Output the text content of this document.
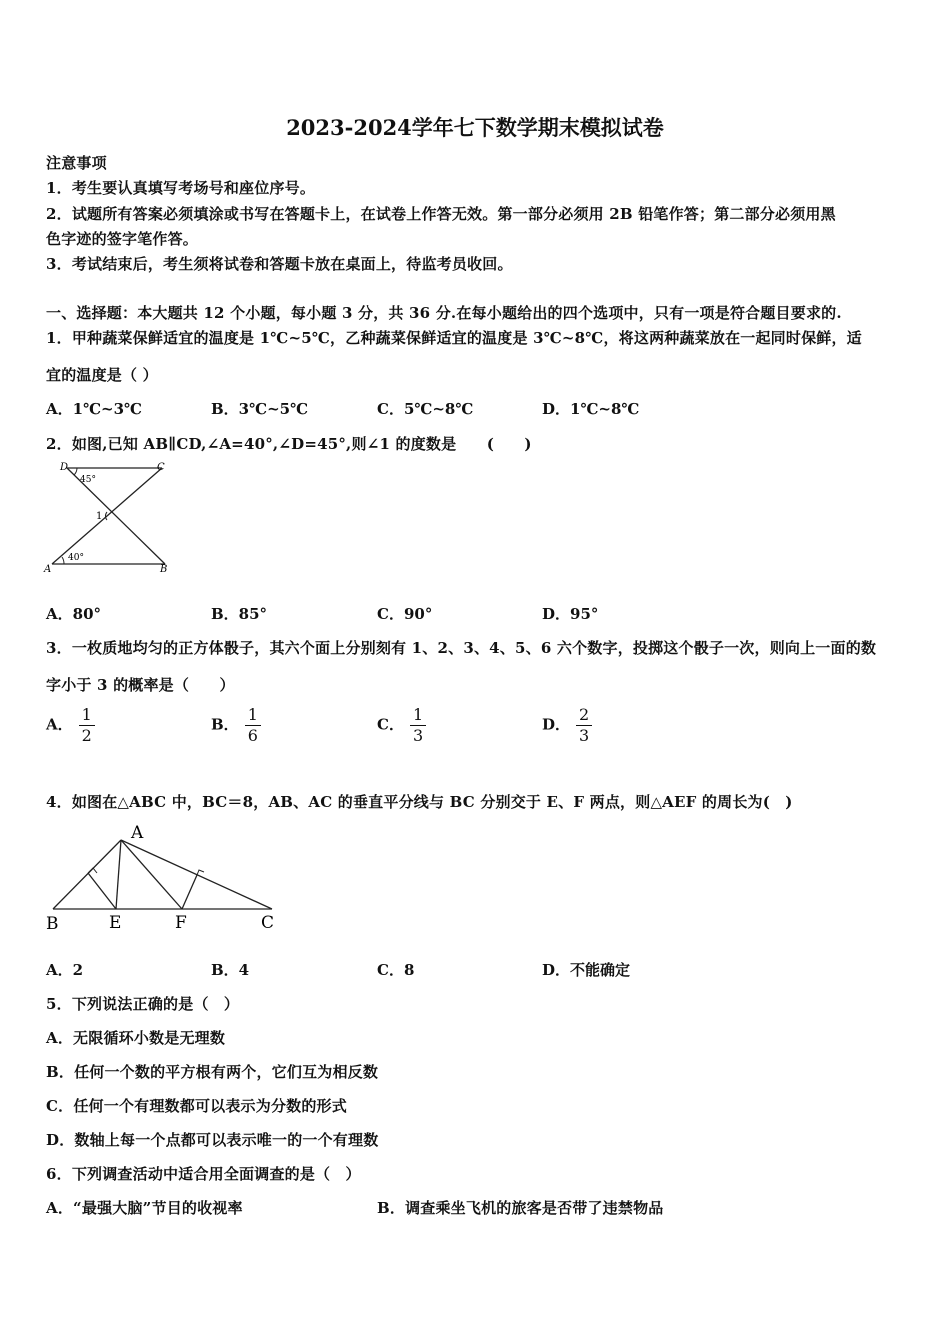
2023-2024学年七下数学期末模拟试卷
注意事项
1．考生要认真填写考场号和座位序号。
2．试题所有答案必须填涂或书写在答题卡上，在试卷上作答无效。第一部分必须用 2B 铅笔作答；第二部分必须用黑
色字迹的签字笔作答。
3．考试结束后，考生须将试卷和答题卡放在桌面上，待监考员收回。
一、选择题：本大题共 12 个小题，每小题 3 分，共 36 分.在每小题给出的四个选项中，只有一项是符合题目要求的.
1．甲种蔬菜保鲜适宜的温度是 1℃~5℃，乙种蔬菜保鲜适宜的温度是 3℃~8℃，将这两种蔬菜放在一起同时保鲜，适
宜的温度是（ ）
A．1℃~3℃	B．3℃~5℃	C．5℃~8℃	D．1℃~8℃
2．如图,已知 AB∥CD,∠A=40°,∠D=45°,则∠1 的度数是　　(　　)
D	C
A	B
45°
40°
1
A．80°	B．85°	C．90°	D．95°
3．一枚质地均匀的正方体骰子，其六个面上分别刻有 1、2、3、4、5、6 六个数字，投掷这个骰子一次，则向上一面的数
字小于 3 的概率是（　　）
A． $\frac{1}{2}$	B． $\frac{1}{6}$	C． $\frac{1}{3}$	D． $\frac{2}{3}$
4．如图在△ABC 中，BC＝8，AB、AC 的垂直平分线与 BC 分别交于 E、F 两点，则△AEF 的周长为(　)
A
B	E	F	C
A．2	B．4	C．8	D．不能确定
5．下列说法正确的是（　）
A．无限循环小数是无理数
B．任何一个数的平方根有两个，它们互为相反数
C．任何一个有理数都可以表示为分数的形式
D．数轴上每一个点都可以表示唯一的一个有理数
6．下列调查活动中适合用全面调查的是（　）
A．“最强大脑”节目的收视率	B．调查乘坐飞机的旅客是否带了违禁物品
